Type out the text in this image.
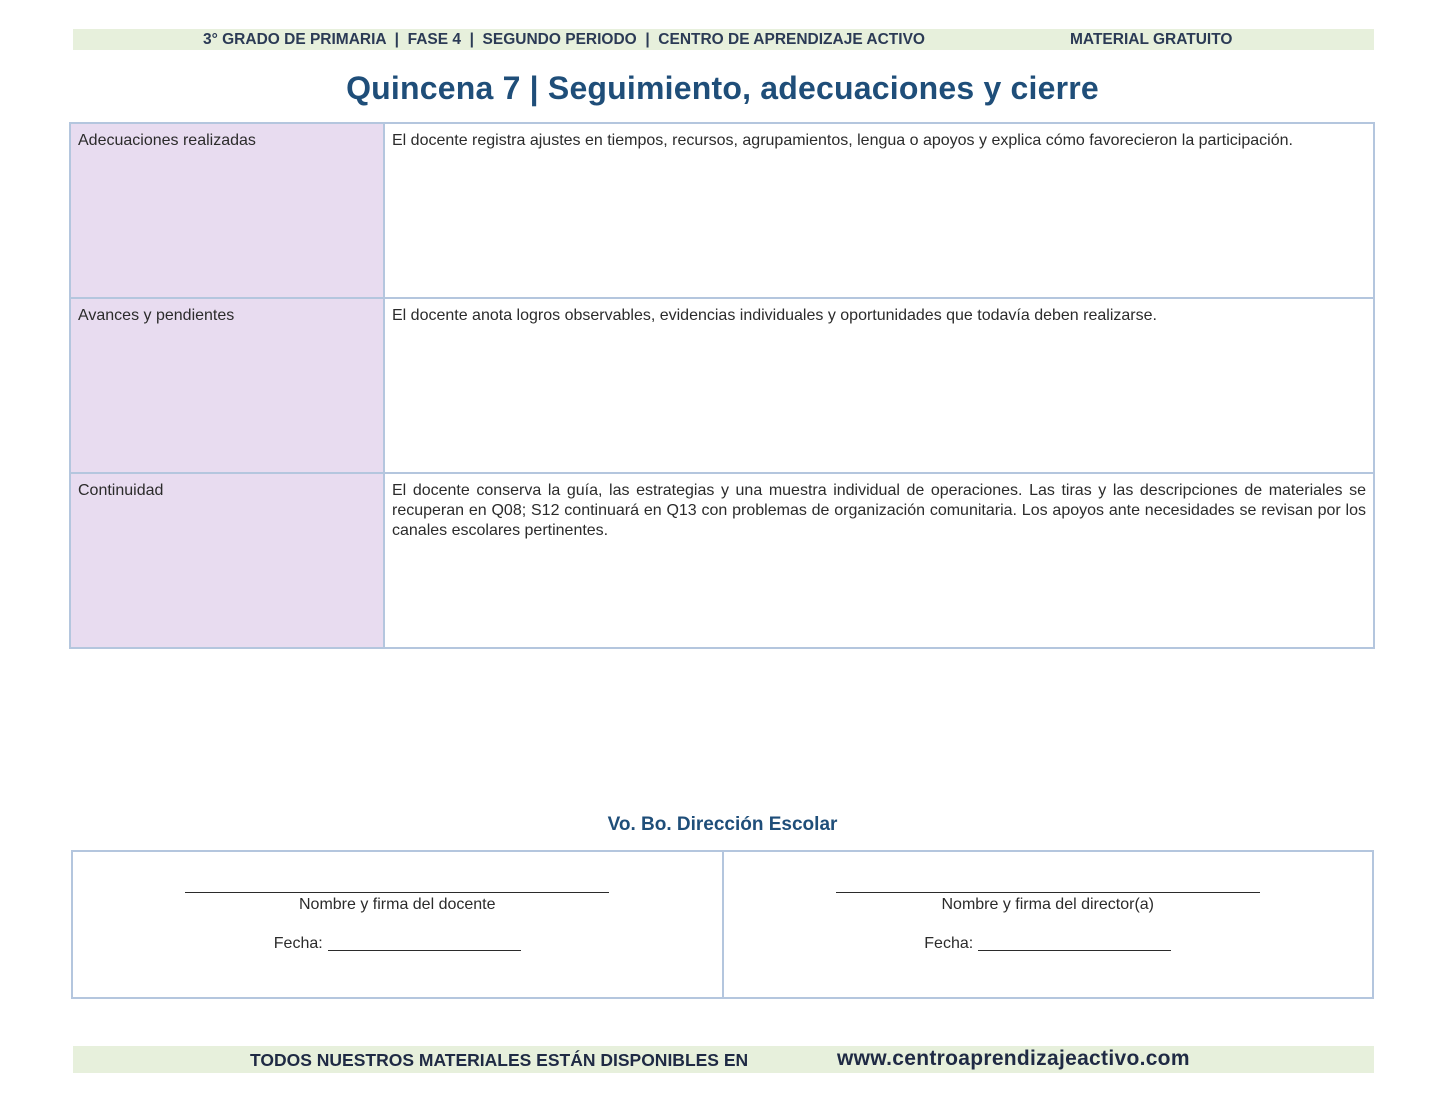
3° GRADO DE PRIMARIA  |  FASE 4  |  SEGUNDO PERIODO  |  CENTRO DE APRENDIZAJE ACTIVO	MATERIAL GRATUITO
Quincena 7 | Seguimiento, adecuaciones y cierre
Adecuaciones realizadas	El docente registra ajustes en tiempos, recursos, agrupamientos, lengua o apoyos y explica cómo favorecieron la participación.
Avances y pendientes	El docente anota logros observables, evidencias individuales y oportunidades que todavía deben realizarse.
Continuidad	El docente conserva la guía, las estrategias y una muestra individual de operaciones. Las tiras y las descripciones de materiales se recuperan en Q08; S12 continuará en Q13 con problemas de organización comunitaria. Los apoyos ante necesidades se revisan por los canales escolares pertinentes.
Vo. Bo. Dirección Escolar
Nombre y firma del docente
Fecha:

Nombre y firma del director(a)
Fecha:
TODOS NUESTROS MATERIALES ESTÁN DISPONIBLES EN	www.centroaprendizajeactivo.com
